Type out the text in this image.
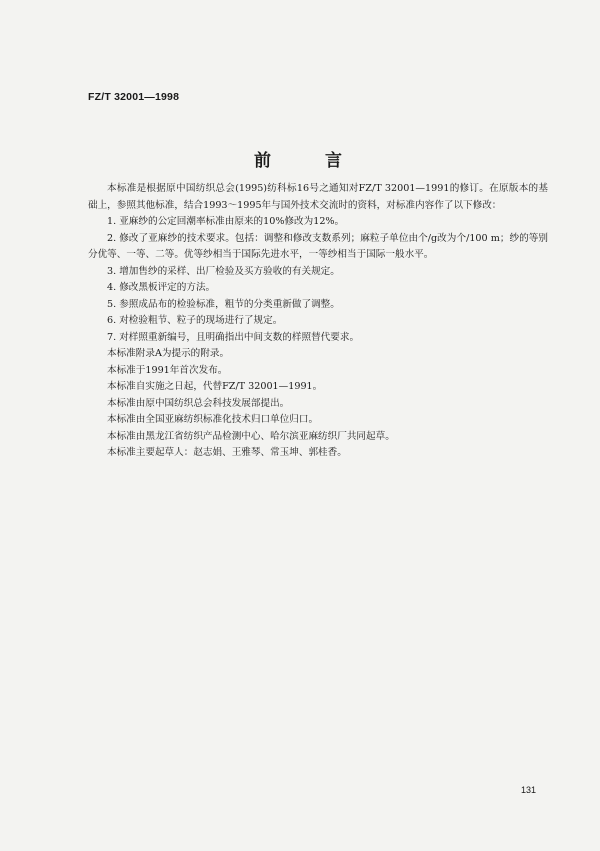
FZ/T 32001—1998
前 言

本标准是根据原中国纺织总会(1995)纺科标16号之通知对FZ/T 32001—1991的修订。在原版本的基础上，参照其他标准，结合1993～1995年与国外技术交流时的资料，对标准内容作了以下修改：

1. 亚麻纱的公定回潮率标准由原来的10%修改为12%。

2. 修改了亚麻纱的技术要求。包括：调整和修改支数系列；麻粒子单位由个/g改为个/100 m；纱的等别分优等、一等、二等。优等纱相当于国际先进水平，一等纱相当于国际一般水平。

3. 增加售纱的采样、出厂检验及买方验收的有关规定。

4. 修改黑板评定的方法。

5. 参照成品布的检验标准，粗节的分类重新做了调整。

6. 对检验粗节、粒子的现场进行了规定。

7. 对样照重新编号，且明确指出中间支数的样照替代要求。

本标准附录A为提示的附录。

本标准于1991年首次发布。

本标准自实施之日起，代替FZ/T 32001—1991。

本标准由原中国纺织总会科技发展部提出。

本标准由全国亚麻纺织标准化技术归口单位归口。

本标准由黑龙江省纺织产品检测中心、哈尔滨亚麻纺织厂共同起草。

本标准主要起草人：赵志娟、王雅琴、常玉坤、郭桂香。

131
